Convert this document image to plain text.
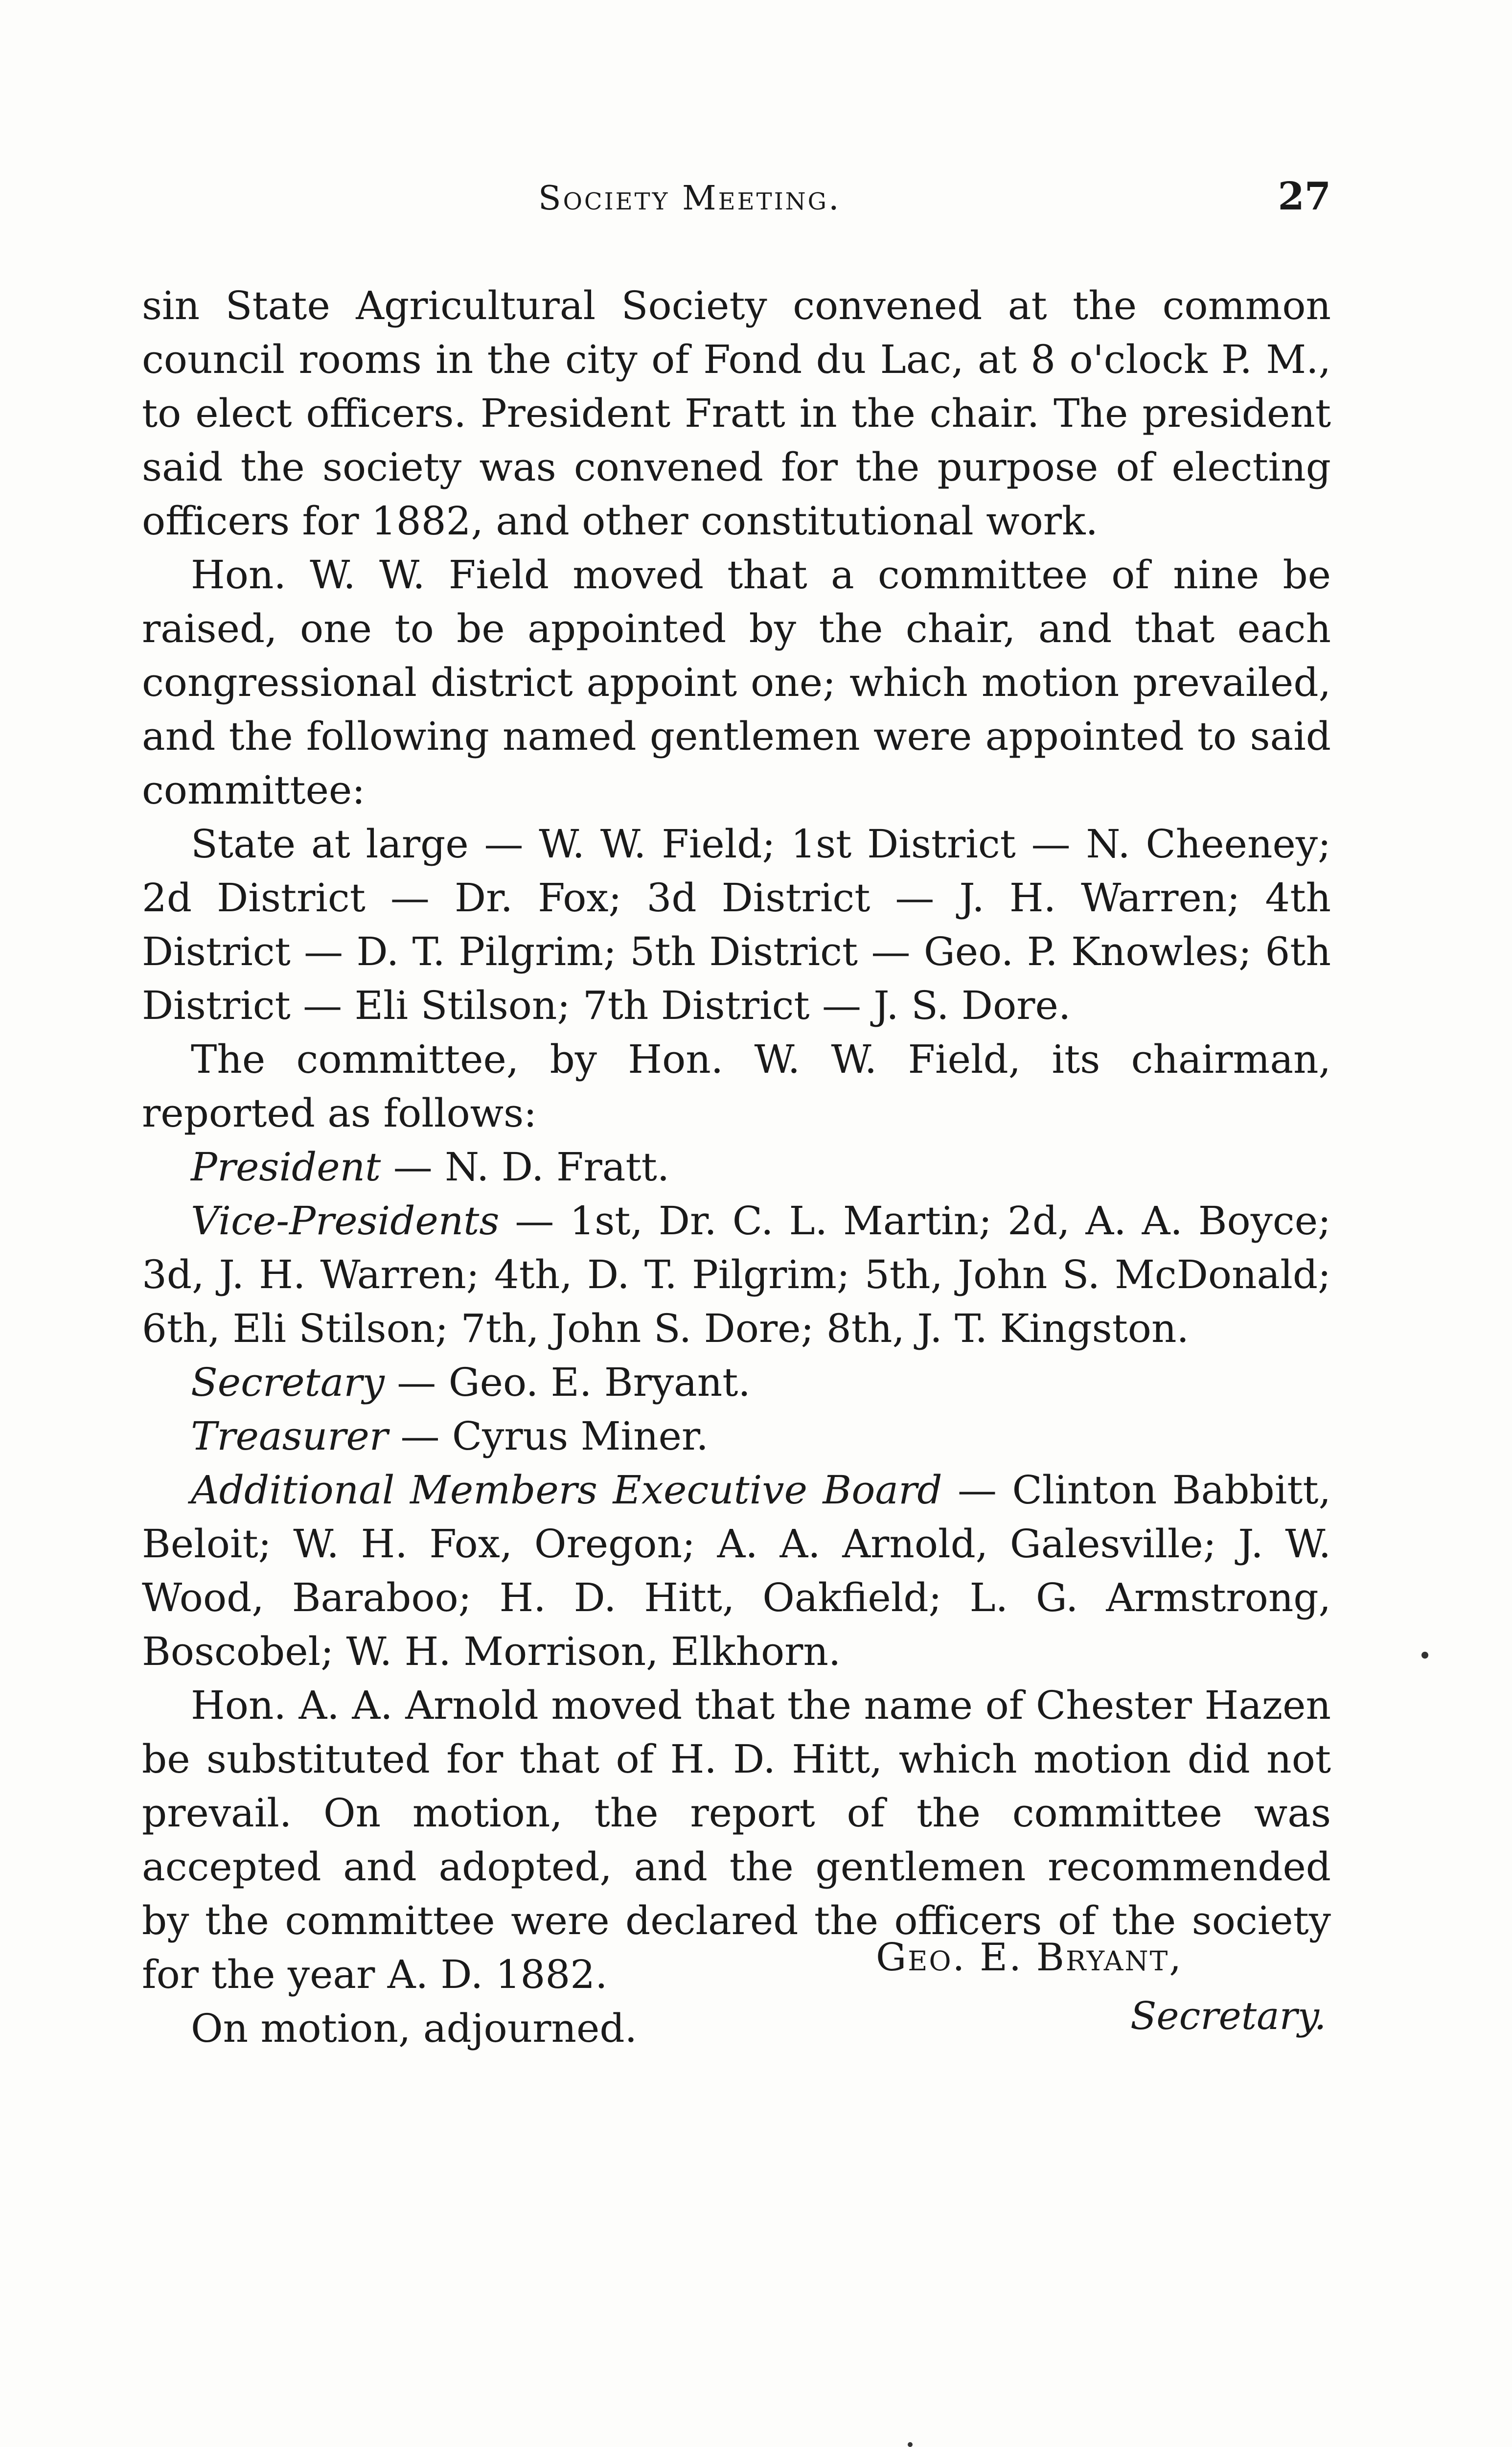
Society Meeting.	27

sin State Agricultural Society convened at the common council rooms in the city of Fond du Lac, at 8 o'clock P. M., to elect officers. President Fratt in the chair. The president said the society was convened for the purpose of electing officers for 1882, and other constitutional work.

Hon. W. W. Field moved that a committee of nine be raised, one to be appointed by the chair, and that each congressional district appoint one; which motion prevailed, and the following named gentlemen were appointed to said committee:

State at large — W. W. Field; 1st District — N. Cheeney; 2d District — Dr. Fox; 3d District — J. H. Warren; 4th District — D. T. Pilgrim; 5th District — Geo. P. Knowles; 6th District — Eli Stilson; 7th District — J. S. Dore.

The committee, by Hon. W. W. Field, its chairman, reported as follows:

President — N. D. Fratt.

Vice-Presidents — 1st, Dr. C. L. Martin; 2d, A. A. Boyce; 3d, J. H. Warren; 4th, D. T. Pilgrim; 5th, John S. McDonald; 6th, Eli Stilson; 7th, John S. Dore; 8th, J. T. Kingston.

Secretary — Geo. E. Bryant.

Treasurer — Cyrus Miner.

Additional Members Executive Board — Clinton Babbitt, Beloit; W. H. Fox, Oregon; A. A. Arnold, Galesville; J. W. Wood, Baraboo; H. D. Hitt, Oakfield; L. G. Armstrong, Boscobel; W. H. Morrison, Elkhorn.

Hon. A. A. Arnold moved that the name of Chester Hazen be substituted for that of H. D. Hitt, which motion did not prevail. On motion, the report of the committee was accepted and adopted, and the gentlemen recommended by the committee were declared the officers of the society for the year A. D. 1882.

On motion, adjourned.

Geo. E. Bryant,
Secretary.
